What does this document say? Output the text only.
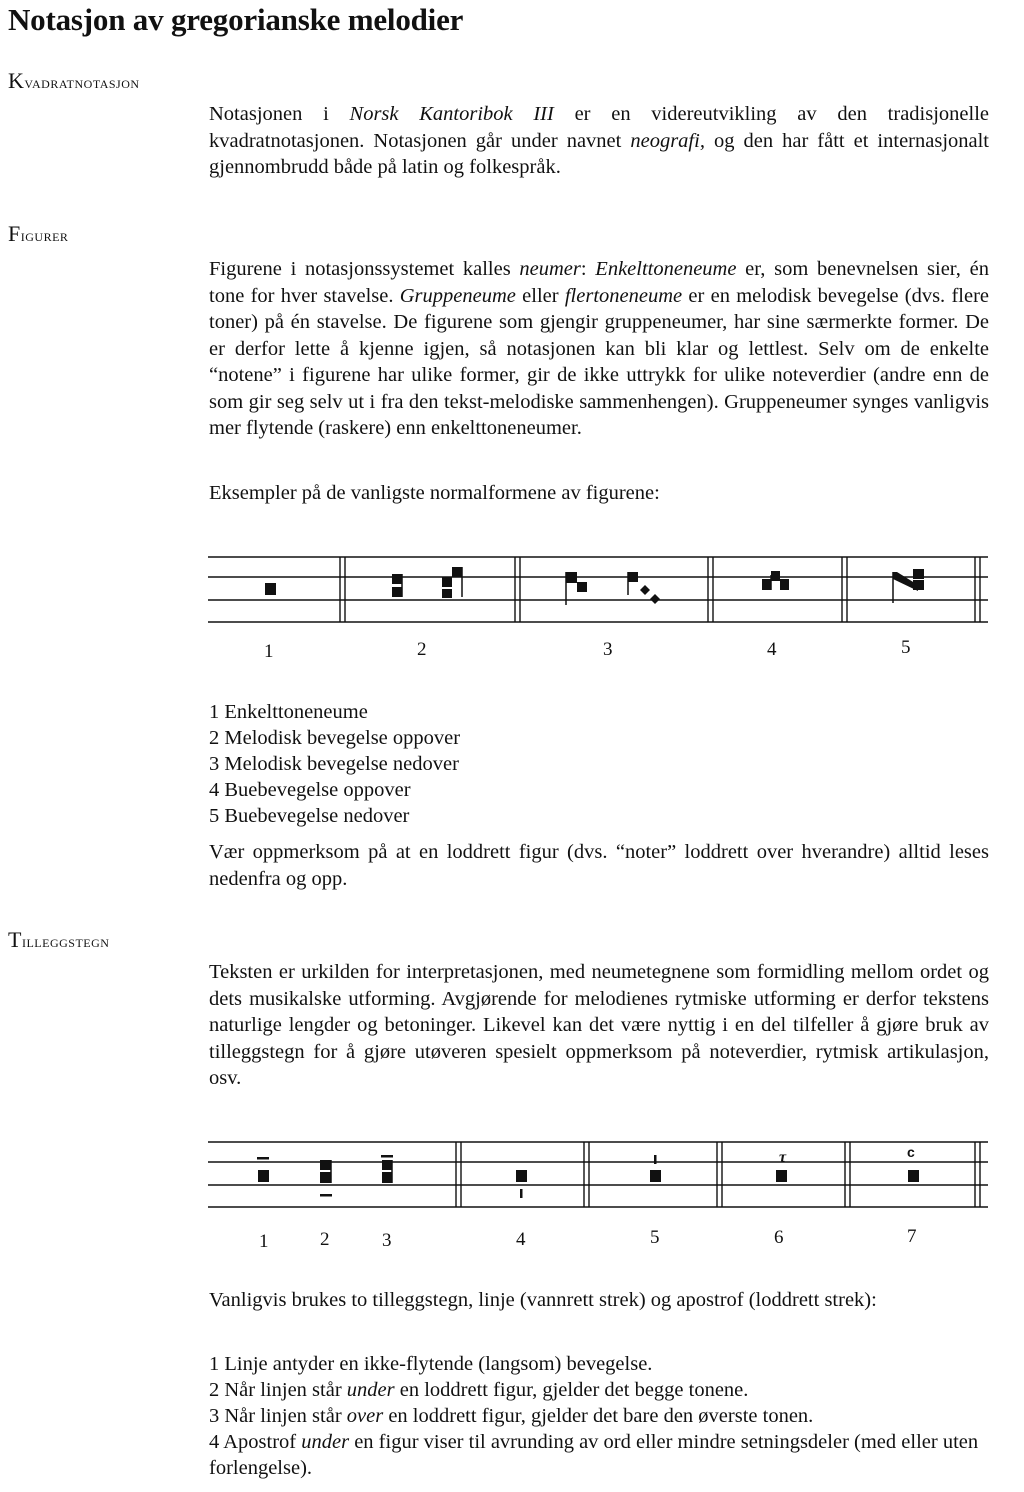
Notasjon av gregorianske melodier
Kvadratnotasjon

Notasjonen i Norsk Kantoribok III er en videreutvikling av den tradisjonelle kvadratnotasjonen. Notasjonen går under navnet neografi, og den har fått et internasjonalt gjennombrudd både på latin og folkespråk.

Figurer

Figurene i notasjonssystemet kalles neumer: Enkelttoneneume er, som benevnelsen sier, én tone for hver stavelse. Gruppeneume eller flertoneneume er en melodisk bevegelse (dvs. flere toner) på én stavelse. De figurene som gjengir gruppeneumer, har sine særmerkte former. De er derfor lette å kjenne igjen, så notasjonen kan bli klar og lettlest. Selv om de enkelte “notene” i figurene har ulike former, gir de ikke uttrykk for ulike noteverdier (andre enn de som gir seg selv ut i fra den tekst-melodiske sammenhengen). Gruppeneumer synges vanligvis mer flytende (raskere) enn enkelttoneneumer.

Eksempler på de vanligste normalformene av figurene:

1	2	3	4	5
1 Enkelttoneneume
2 Melodisk bevegelse oppover
3 Melodisk bevegelse nedover
4 Buebevegelse oppover
5 Buebevegelse nedover

Vær oppmerksom på at en loddrett figur (dvs. “noter” loddrett over hverandre) alltid leses nedenfra og opp.

Tilleggstegn

Teksten er urkilden for interpretasjonen, med neumetegnene som formidling mellom ordet og dets musikalske utforming. Avgjørende for melodienes rytmiske utforming er derfor tekstens naturlige lengder og betoninger. Likevel kan det være nyttig i en del tilfeller å gjøre bruk av tilleggstegn for å gjøre utøveren spesielt oppmerksom på noteverdier, rytmisk artikulasjon, osv.

τ	c
1	2	3	4	5	6	7

Vanligvis brukes to tilleggstegn, linje (vannrett strek) og apostrof (loddrett strek):

1 Linje antyder en ikke-flytende (langsom) bevegelse.
2 Når linjen står under en loddrett figur, gjelder det begge tonene.
3 Når linjen står over en loddrett figur, gjelder det bare den øverste tonen.
4 Apostrof under en figur viser til avrunding av ord eller mindre setningsdeler (med eller uten forlengelse).
